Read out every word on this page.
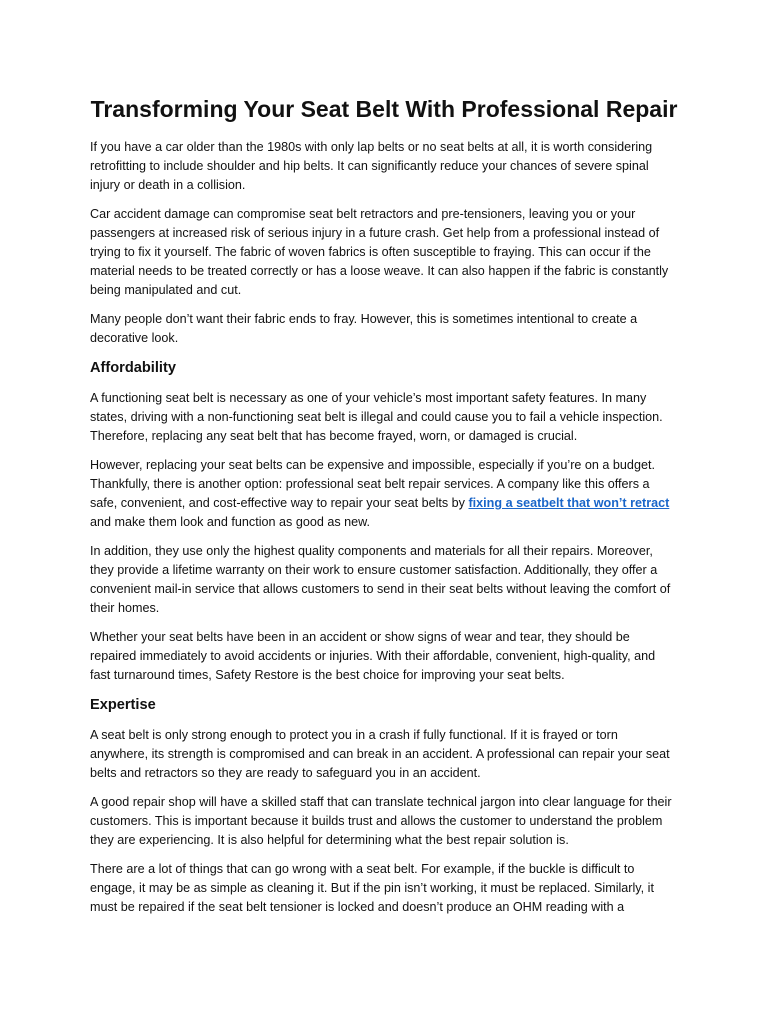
Transforming Your Seat Belt With Professional Repair

If you have a car older than the 1980s with only lap belts or no seat belts at all, it is worth considering retrofitting to include shoulder and hip belts. It can significantly reduce your chances of severe spinal injury or death in a collision.

Car accident damage can compromise seat belt retractors and pre-tensioners, leaving you or your passengers at increased risk of serious injury in a future crash. Get help from a professional instead of trying to fix it yourself. The fabric of woven fabrics is often susceptible to fraying. This can occur if the material needs to be treated correctly or has a loose weave. It can also happen if the fabric is constantly being manipulated and cut.

Many people don’t want their fabric ends to fray. However, this is sometimes intentional to create a decorative look.

Affordability

A functioning seat belt is necessary as one of your vehicle’s most important safety features. In many states, driving with a non-functioning seat belt is illegal and could cause you to fail a vehicle inspection. Therefore, replacing any seat belt that has become frayed, worn, or damaged is crucial.

However, replacing your seat belts can be expensive and impossible, especially if you’re on a budget. Thankfully, there is another option: professional seat belt repair services. A company like this offers a safe, convenient, and cost-effective way to repair your seat belts by fixing a seatbelt that won’t retract and make them look and function as good as new.

In addition, they use only the highest quality components and materials for all their repairs. Moreover, they provide a lifetime warranty on their work to ensure customer satisfaction. Additionally, they offer a convenient mail-in service that allows customers to send in their seat belts without leaving the comfort of their homes.

Whether your seat belts have been in an accident or show signs of wear and tear, they should be repaired immediately to avoid accidents or injuries. With their affordable, convenient, high-quality, and fast turnaround times, Safety Restore is the best choice for improving your seat belts.

Expertise

A seat belt is only strong enough to protect you in a crash if fully functional. If it is frayed or torn anywhere, its strength is compromised and can break in an accident. A professional can repair your seat belts and retractors so they are ready to safeguard you in an accident.

A good repair shop will have a skilled staff that can translate technical jargon into clear language for their customers. This is important because it builds trust and allows the customer to understand the problem they are experiencing. It is also helpful for determining what the best repair solution is.

There are a lot of things that can go wrong with a seat belt. For example, if the buckle is difficult to engage, it may be as simple as cleaning it. But if the pin isn’t working, it must be replaced. Similarly, it must be repaired if the seat belt tensioner is locked and doesn’t produce an OHM reading with a
